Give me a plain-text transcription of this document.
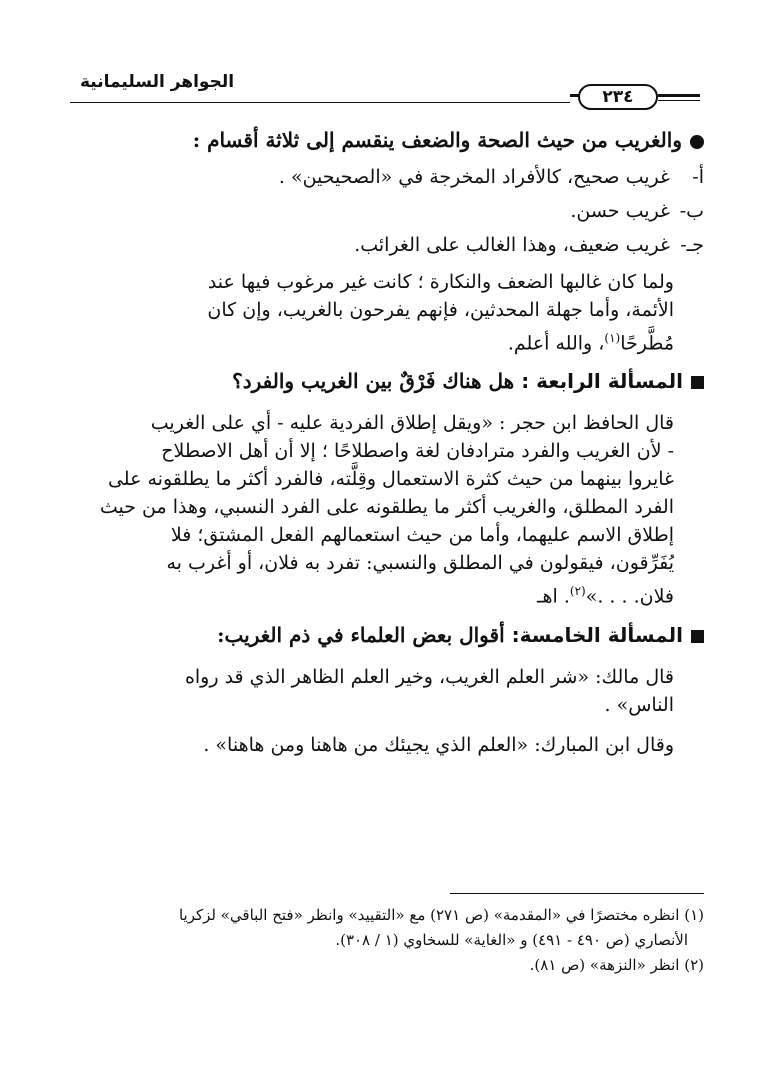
الجواهر السليمانية
٢٣٤
والغريب من حيث الصحة والضعف ينقسم إلى ثلاثة أقسام :
أ- غريب صحيح، كالأفراد المخرجة في «الصحيحين» .
ب- غريب حسن.
جـ- غريب ضعيف، وهذا الغالب على الغرائب.
ولما كان غالبها الضعف والنكارة ؛ كانت غير مرغوب فيها عند
الأئمة، وأما جهلة المحدثين، فإنهم يفرحون بالغريب، وإن كان
مُطَّرحًا$^{(١)}$، والله أعلم.
المسألة الرابعة : هل هناك فَرْقٌ بين الغريب والفرد؟
قال الحافظ ابن حجر : «ويقل إطلاق الفردية عليه - أي على الغريب
- لأن الغريب والفرد مترادفان لغة واصطلاحًا ؛ إلا أن أهل الاصطلاح
غايروا بينهما من حيث كثرة الاستعمال وقِلَّته، فالفرد أكثر ما يطلقونه على
الفرد المطلق، والغريب أكثر ما يطلقونه على الفرد النسبي، وهذا من حيث
إطلاق الاسم عليهما، وأما من حيث استعمالهم الفعل المشتق؛ فلا
يُفَرِّقون، فيقولون في المطلق والنسبي: تفرد به فلان، أو أغرب به
فلان. . . .»$^{(٢)}$. اهـ
المسألة الخامسة: أقوال بعض العلماء في ذم الغريب:
قال مالك: «شر العلم الغريب، وخير العلم الظاهر الذي قد رواه
الناس» .
وقال ابن المبارك: «العلم الذي يجيئك من هاهنا ومن هاهنا» .
(١) انظره مختصرًا في «المقدمة» (ص ٢٧١) مع «التقييد» وانظر «فتح الباقي» لزكريا
الأنصاري (ص ٤٩٠ - ٤٩١) و «الغاية» للسخاوي (١ / ٣٠٨).
(٢) انظر «النزهة» (ص ٨١).
